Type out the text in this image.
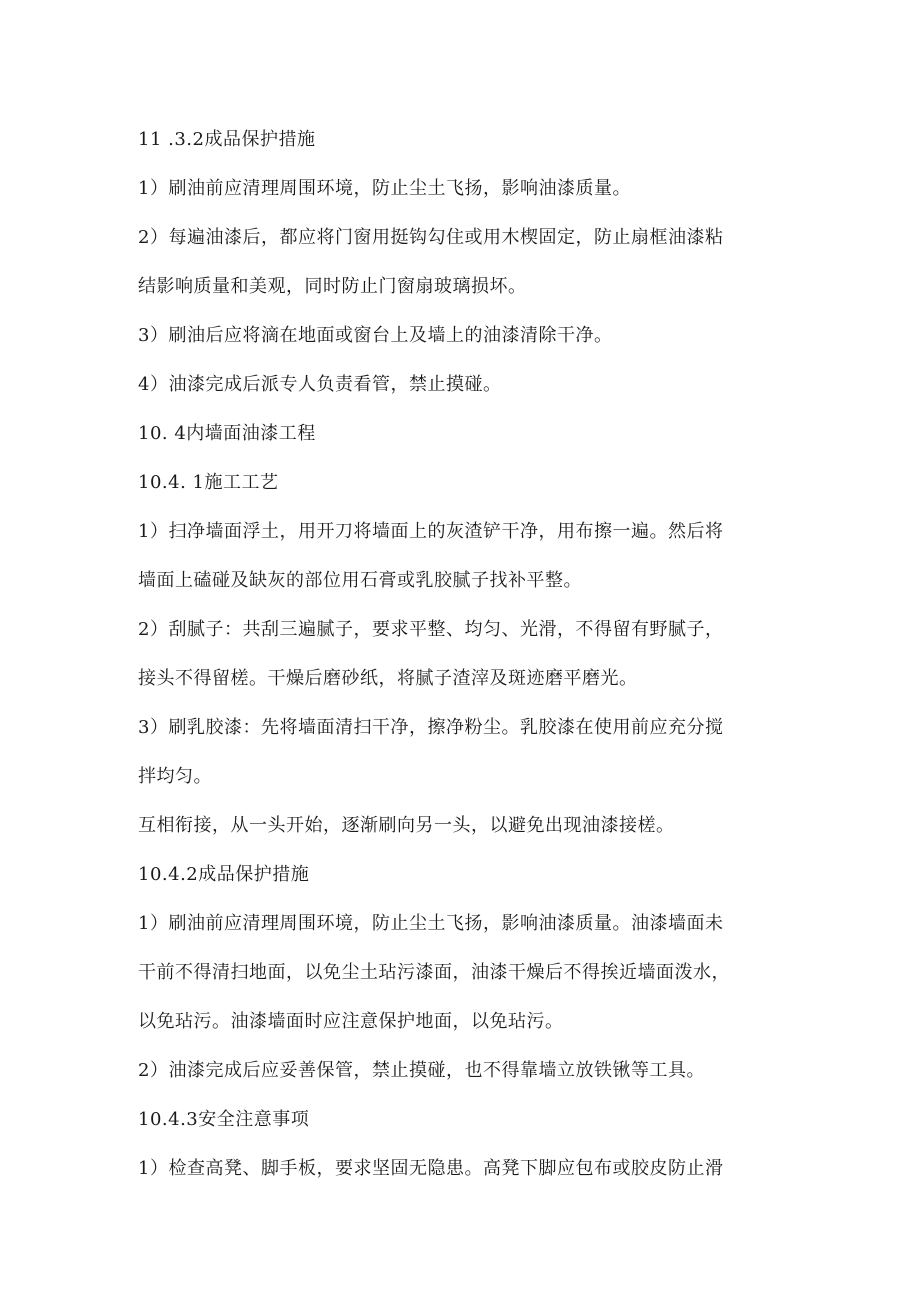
11 .3.2成品保护措施
1）刷油前应清理周围环境，防止尘土飞扬，影响油漆质量。
2）每遍油漆后，都应将门窗用挺钩勾住或用木楔固定，防止扇框油漆粘
结影响质量和美观，同时防止门窗扇玻璃损坏。
3）刷油后应将滴在地面或窗台上及墙上的油漆清除干净。
4）油漆完成后派专人负责看管，禁止摸碰。
10. 4内墙面油漆工程
10.4. 1施工工艺
1）扫净墙面浮土，用开刀将墙面上的灰渣铲干净，用布擦一遍。然后将
墙面上磕碰及缺灰的部位用石膏或乳胶腻子找补平整。
2）刮腻子：共刮三遍腻子，要求平整、均匀、光滑，不得留有野腻子，
接头不得留槎。干燥后磨砂纸，将腻子渣滓及斑迹磨平磨光。
3）刷乳胶漆：先将墙面清扫干净，擦净粉尘。乳胶漆在使用前应充分搅
拌均匀。
互相衔接，从一头开始，逐渐刷向另一头，以避免出现油漆接槎。
10.4.2成品保护措施
1）刷油前应清理周围环境，防止尘土飞扬，影响油漆质量。油漆墙面未
干前不得清扫地面，以免尘土玷污漆面，油漆干燥后不得挨近墙面泼水，
以免玷污。油漆墙面时应注意保护地面，以免玷污。
2）油漆完成后应妥善保管，禁止摸碰，也不得靠墙立放铁锹等工具。
10.4.3安全注意事项
1）检查高凳、脚手板，要求坚固无隐患。高凳下脚应包布或胶皮防止滑
